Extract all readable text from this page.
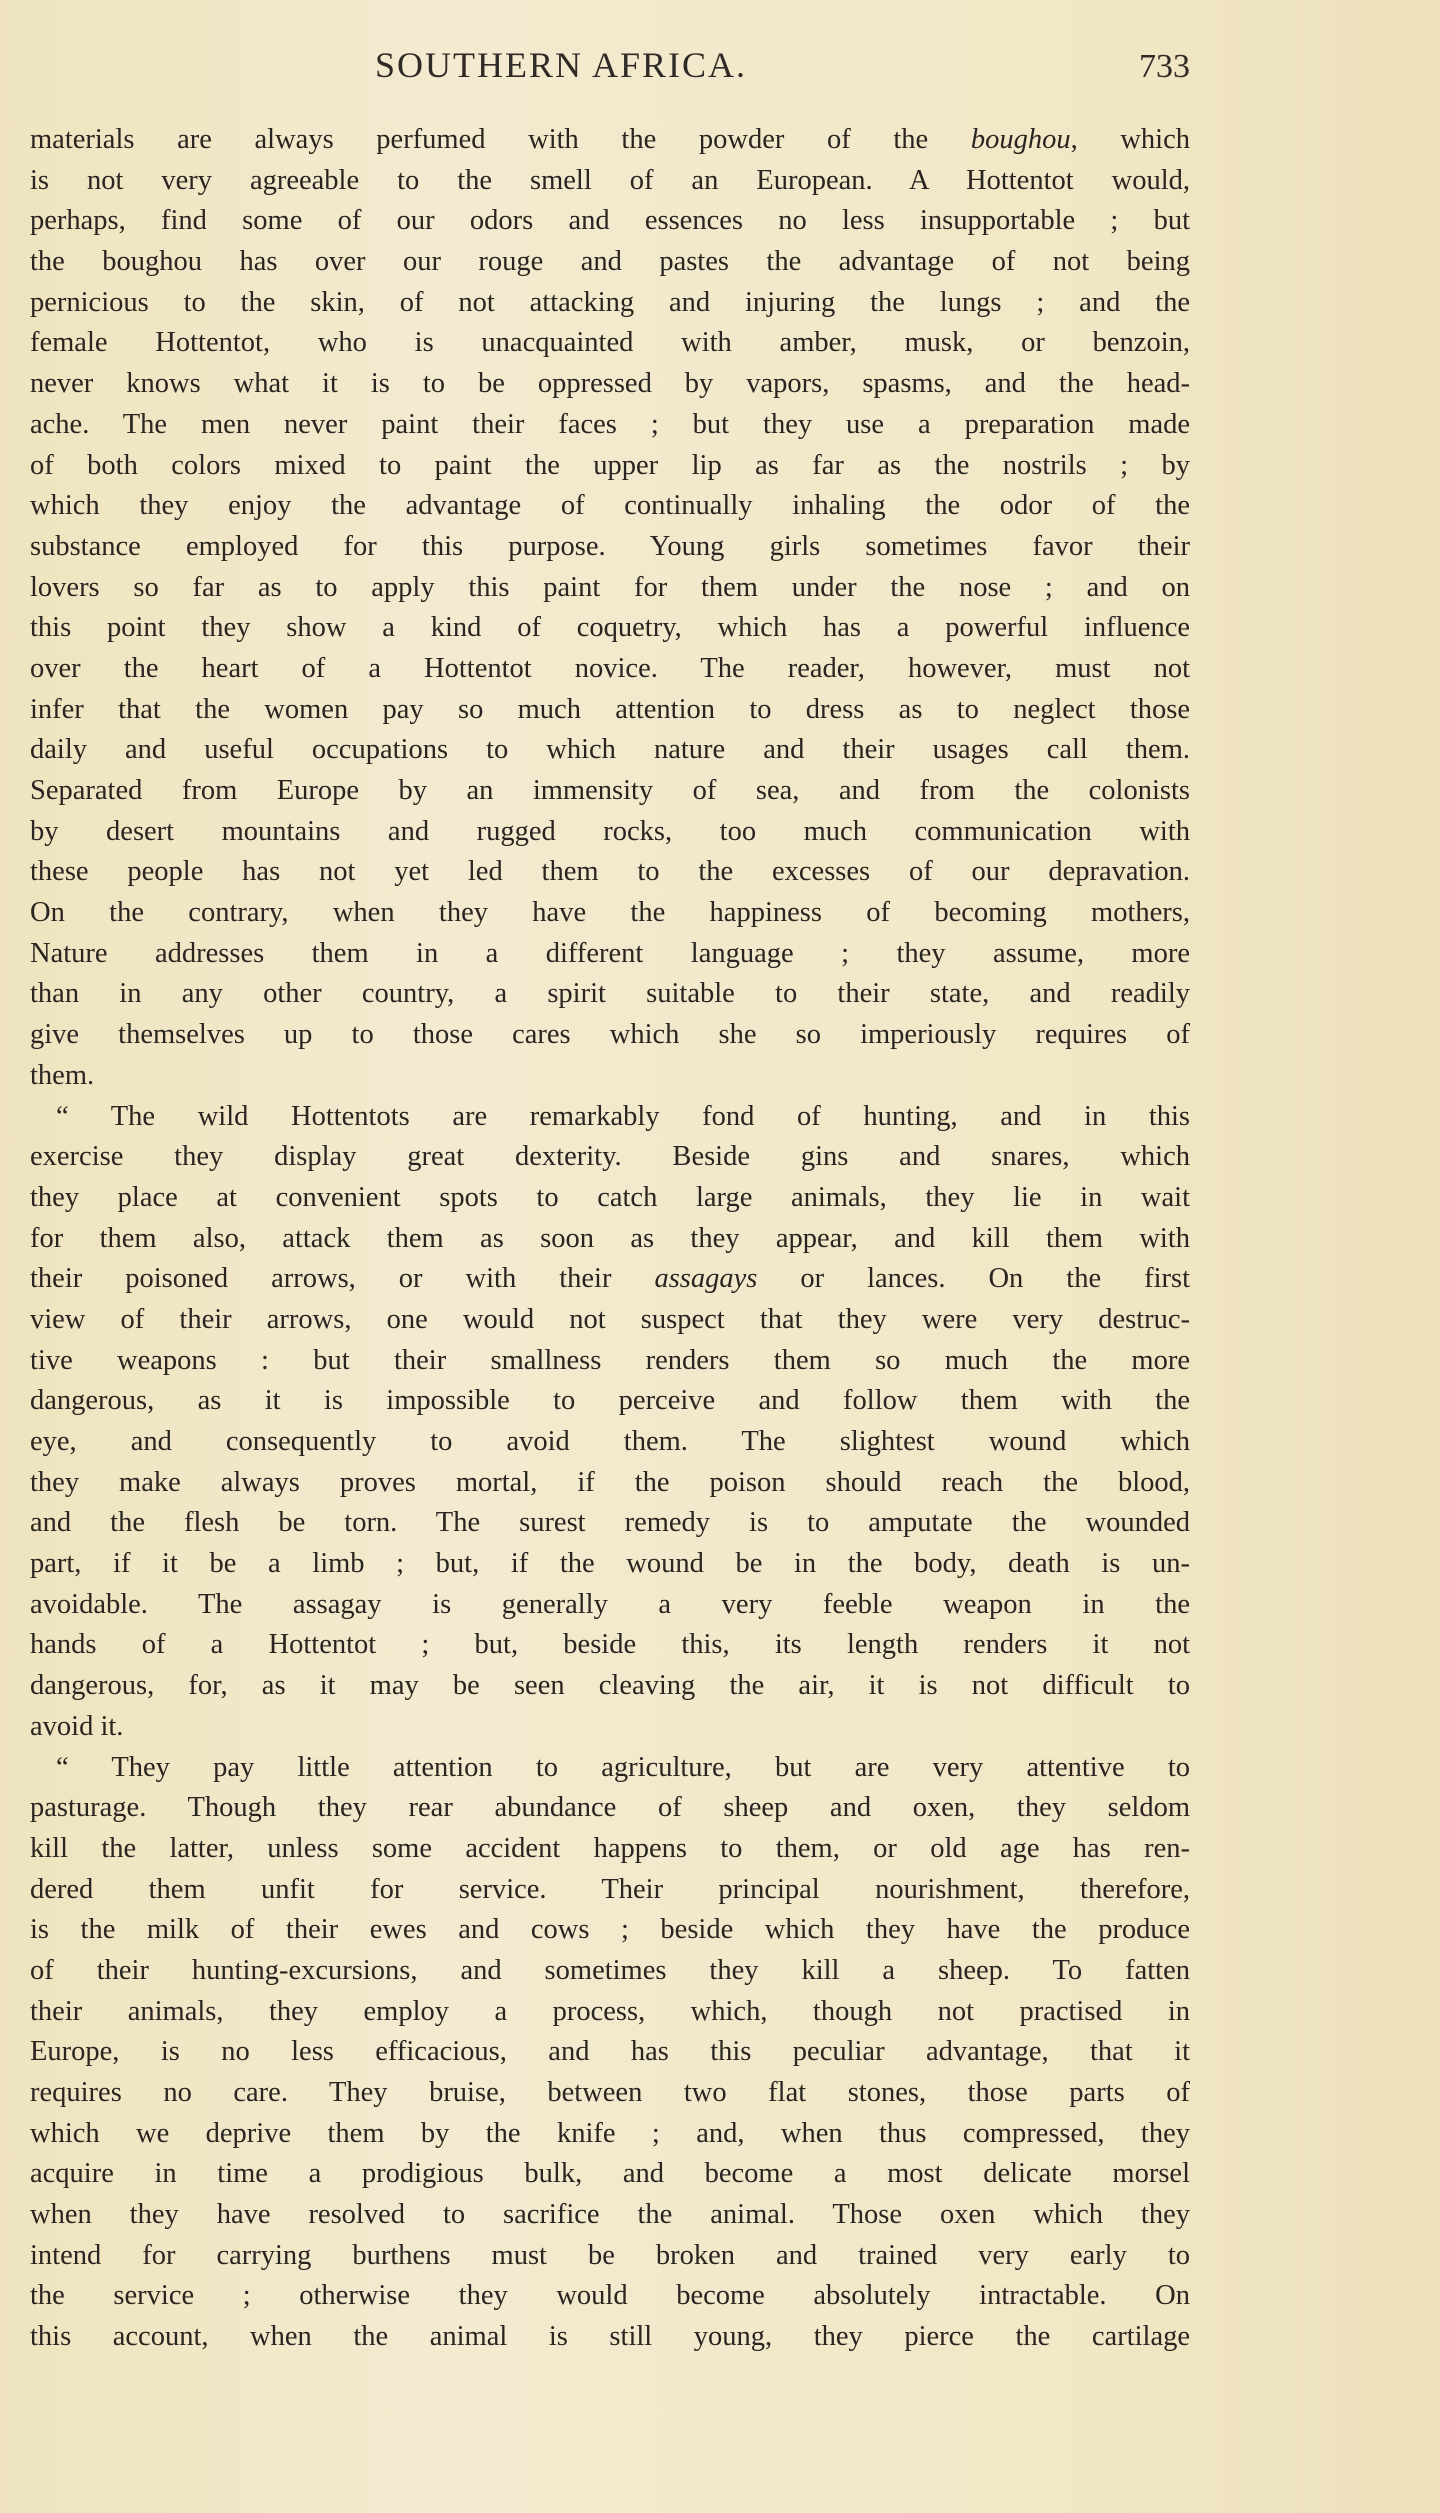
SOUTHERN AFRICA.	733
materials are always perfumed with the powder of the boughou, which
is not very agreeable to the smell of an European. A Hottentot would,
perhaps, find some of our odors and essences no less insupportable ; but
the boughou has over our rouge and pastes the advantage of not being
pernicious to the skin, of not attacking and injuring the lungs ; and the
female Hottentot, who is unacquainted with amber, musk, or benzoin,
never knows what it is to be oppressed by vapors, spasms, and the head-
ache. The men never paint their faces ; but they use a preparation made
of both colors mixed to paint the upper lip as far as the nostrils ; by
which they enjoy the advantage of continually inhaling the odor of the
substance employed for this purpose. Young girls sometimes favor their
lovers so far as to apply this paint for them under the nose ; and on
this point they show a kind of coquetry, which has a powerful influence
over the heart of a Hottentot novice. The reader, however, must not
infer that the women pay so much attention to dress as to neglect those
daily and useful occupations to which nature and their usages call them.
Separated from Europe by an immensity of sea, and from the colonists
by desert mountains and rugged rocks, too much communication with
these people has not yet led them to the excesses of our depravation.
On the contrary, when they have the happiness of becoming mothers,
Nature addresses them in a different language ; they assume, more
than in any other country, a spirit suitable to their state, and readily
give themselves up to those cares which she so imperiously requires of
them.
“ The wild Hottentots are remarkably fond of hunting, and in this
exercise they display great dexterity. Beside gins and snares, which
they place at convenient spots to catch large animals, they lie in wait
for them also, attack them as soon as they appear, and kill them with
their poisoned arrows, or with their assagays or lances. On the first
view of their arrows, one would not suspect that they were very destruc-
tive weapons : but their smallness renders them so much the more
dangerous, as it is impossible to perceive and follow them with the
eye, and consequently to avoid them. The slightest wound which
they make always proves mortal, if the poison should reach the blood,
and the flesh be torn. The surest remedy is to amputate the wounded
part, if it be a limb ; but, if the wound be in the body, death is un-
avoidable. The assagay is generally a very feeble weapon in the
hands of a Hottentot ; but, beside this, its length renders it not
dangerous, for, as it may be seen cleaving the air, it is not difficult to
avoid it.
“ They pay little attention to agriculture, but are very attentive to
pasturage. Though they rear abundance of sheep and oxen, they seldom
kill the latter, unless some accident happens to them, or old age has ren-
dered them unfit for service. Their principal nourishment, therefore,
is the milk of their ewes and cows ; beside which they have the produce
of their hunting-excursions, and sometimes they kill a sheep. To fatten
their animals, they employ a process, which, though not practised in
Europe, is no less efficacious, and has this peculiar advantage, that it
requires no care. They bruise, between two flat stones, those parts of
which we deprive them by the knife ; and, when thus compressed, they
acquire in time a prodigious bulk, and become a most delicate morsel
when they have resolved to sacrifice the animal. Those oxen which they
intend for carrying burthens must be broken and trained very early to
the service ; otherwise they would become absolutely intractable. On
this account, when the animal is still young, they pierce the cartilage
